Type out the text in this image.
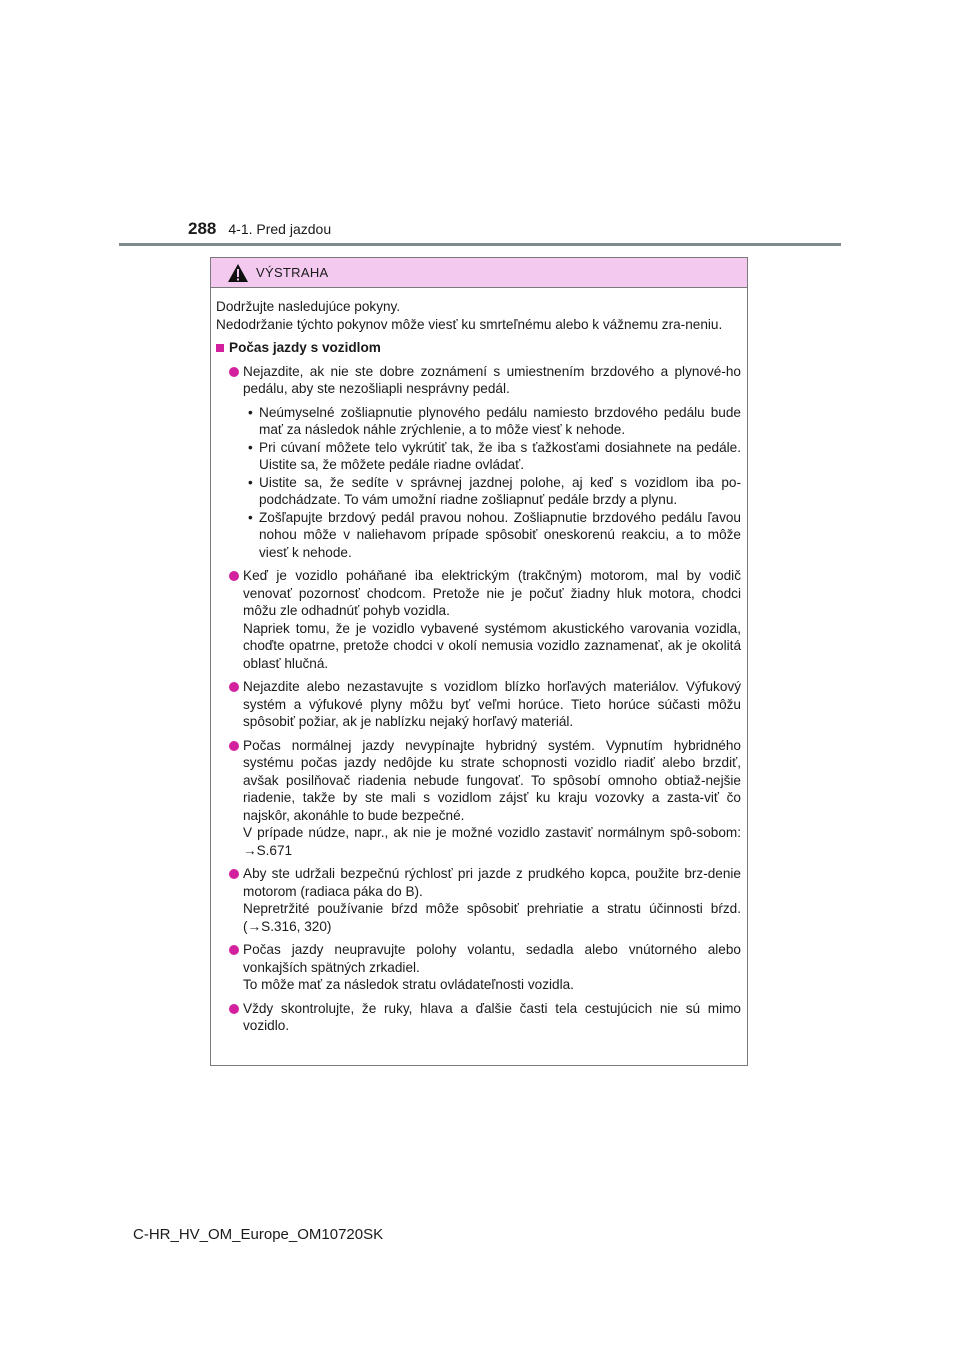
288 4-1. Pred jazdou
VÝSTRAHA

Dodržujte nasledujúce pokyny.

Nedodržanie týchto pokynov môže viesť ku smrteľnému alebo k vážnemu zra-neniu.

Počas jazdy s vozidlom
Nejazdite, ak nie ste dobre zoznámení s umiestnením brzdového a plynové-ho pedálu, aby ste nezošliapli nesprávny pedál.
• Neúmyselné zošliapnutie plynového pedálu namiesto brzdového pedálu bude mať za následok náhle zrýchlenie, a to môže viesť k nehode.
• Pri cúvaní môžete telo vykrútiť tak, že iba s ťažkosťami dosiahnete na pedále. Uistite sa, že môžete pedále riadne ovládať.
• Uistite sa, že sedíte v správnej jazdnej polohe, aj keď s vozidlom iba po-podchádzate. To vám umožní riadne zošliapnuť pedále brzdy a plynu.
• Zošľapujte brzdový pedál pravou nohou. Zošliapnutie brzdového pedálu ľavou nohou môže v naliehavom prípade spôsobiť oneskorenú reakciu, a to môže viesť k nehode.
Keď je vozidlo poháňané iba elektrickým (trakčným) motorom, mal by vodič venovať pozornosť chodcom. Pretože nie je počuť žiadny hluk motora, chodci môžu zle odhadnúť pohyb vozidla.
Napriek tomu, že je vozidlo vybavené systémom akustického varovania vozidla, choďte opatrne, pretože chodci v okolí nemusia vozidlo zaznamenať, ak je okolitá oblasť hlučná.
Nejazdite alebo nezastavujte s vozidlom blízko horľavých materiálov. Výfukový systém a výfukové plyny môžu byť veľmi horúce. Tieto horúce súčasti môžu spôsobiť požiar, ak je nablízku nejaký horľavý materiál.
Počas normálnej jazdy nevypínajte hybridný systém. Vypnutím hybridného systému počas jazdy nedôjde ku strate schopnosti vozidlo riadiť alebo brzdiť, avšak posilňovač riadenia nebude fungovať. To spôsobí omnoho obtiaž-nejšie riadenie, takže by ste mali s vozidlom zájsť ku kraju vozovky a zasta-viť čo najskôr, akonáhle to bude bezpečné.
V prípade núdze, napr., ak nie je možné vozidlo zastaviť normálnym spô-sobom: →S.671
Aby ste udržali bezpečnú rýchlosť pri jazde z prudkého kopca, použite brz-denie motorom (radiaca páka do B).
Nepretržité používanie bŕzd môže spôsobiť prehriatie a stratu účinnosti bŕzd. (→S.316, 320)
Počas jazdy neupravujte polohy volantu, sedadla alebo vnútorného alebo vonkajších spätných zrkadiel.
To môže mať za následok stratu ovládateľnosti vozidla.
Vždy skontrolujte, že ruky, hlava a ďalšie časti tela cestujúcich nie sú mimo vozidlo.
C-HR_HV_OM_Europe_OM10720SK
